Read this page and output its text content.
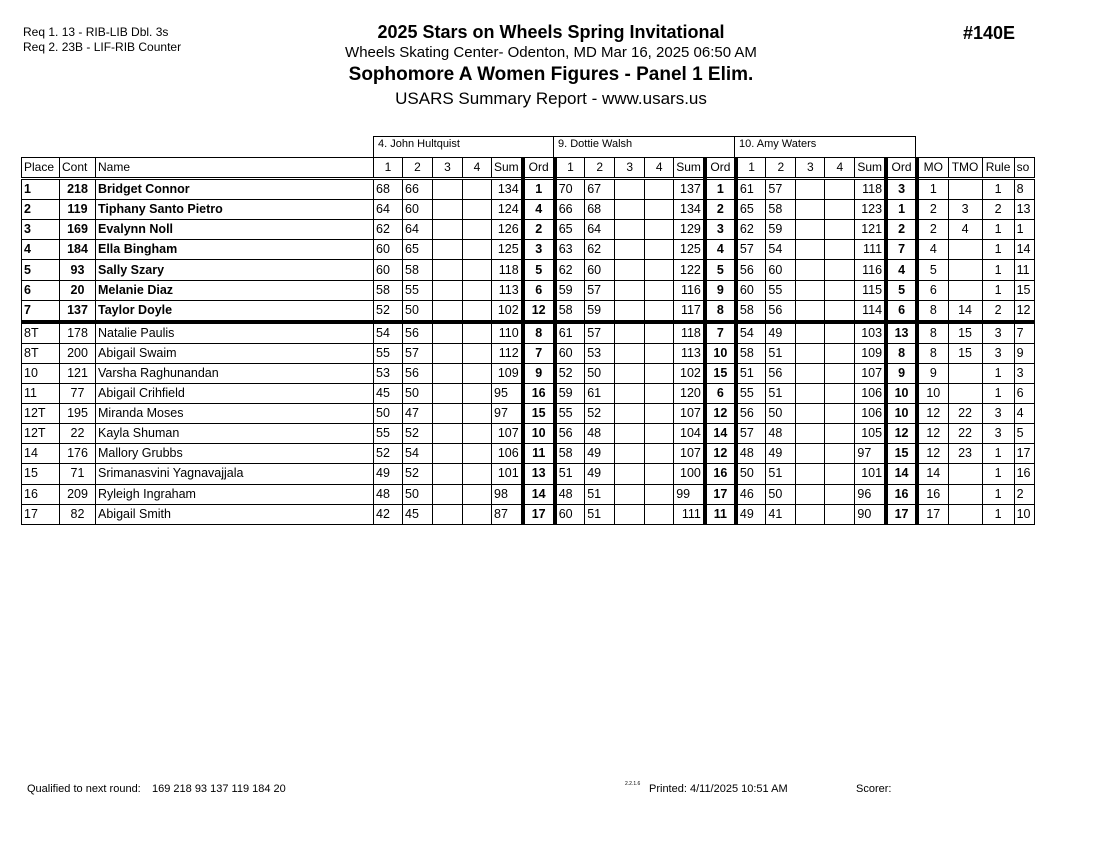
Req 1. 13 - RIB-LIB Dbl. 3s
Req 2. 23B - LIF-RIB Counter
2025 Stars on Wheels Spring Invitational
Wheels Skating Center- Odenton, MD Mar 16, 2025 06:50 AM
Sophomore A Women Figures - Panel 1 Elim.
USARS Summary Report - www.usars.us
#140E
4. John Hultquist	9. Dottie Walsh	10. Amy Waters
Place	Cont	Name	1	2	3	4	Sum	Ord	1	2	3	4	Sum	Ord	1	2	3	4	Sum	Ord	MO	TMO	Rule	so
1	218	Bridget Connor	68	66			134	1	70	67			137	1	61	57			118	3	1		1	8
2	119	Tiphany Santo Pietro	64	60			124	4	66	68			134	2	65	58			123	1	2	3	2	13
3	169	Evalynn Noll	62	64			126	2	65	64			129	3	62	59			121	2	2	4	1	1
4	184	Ella Bingham	60	65			125	3	63	62			125	4	57	54			111	7	4		1	14
5	93	Sally Szary	60	58			118	5	62	60			122	5	56	60			116	4	5		1	11
6	20	Melanie Diaz	58	55			113	6	59	57			116	9	60	55			115	5	6		1	15
7	137	Taylor Doyle	52	50			102	12	58	59			117	8	58	56			114	6	8	14	2	12
8T	178	Natalie Paulis	54	56			110	8	61	57			118	7	54	49			103	13	8	15	3	7
8T	200	Abigail Swaim	55	57			112	7	60	53			113	10	58	51			109	8	8	15	3	9
10	121	Varsha Raghunandan	53	56			109	9	52	50			102	15	51	56			107	9	9		1	3
11	77	Abigail Crihfield	45	50			95	16	59	61			120	6	55	51			106	10	10		1	6
12T	195	Miranda Moses	50	47			97	15	55	52			107	12	56	50			106	10	12	22	3	4
12T	22	Kayla Shuman	55	52			107	10	56	48			104	14	57	48			105	12	12	22	3	5
14	176	Mallory Grubbs	52	54			106	11	58	49			107	12	48	49			97	15	12	23	1	17
15	71	Srimanasvini Yagnavajjala	49	52			101	13	51	49			100	16	50	51			101	14	14		1	16
16	209	Ryleigh Ingraham	48	50			98	14	48	51			99	17	46	50			96	16	16		1	2
17	82	Abigail Smith	42	45			87	17	60	51			111	11	49	41			90	17	17		1	10
Qualified to next round: 169 218 93 137 119 184 20	2.2.1.6 Printed: 4/11/2025 10:51 AM	Scorer:
